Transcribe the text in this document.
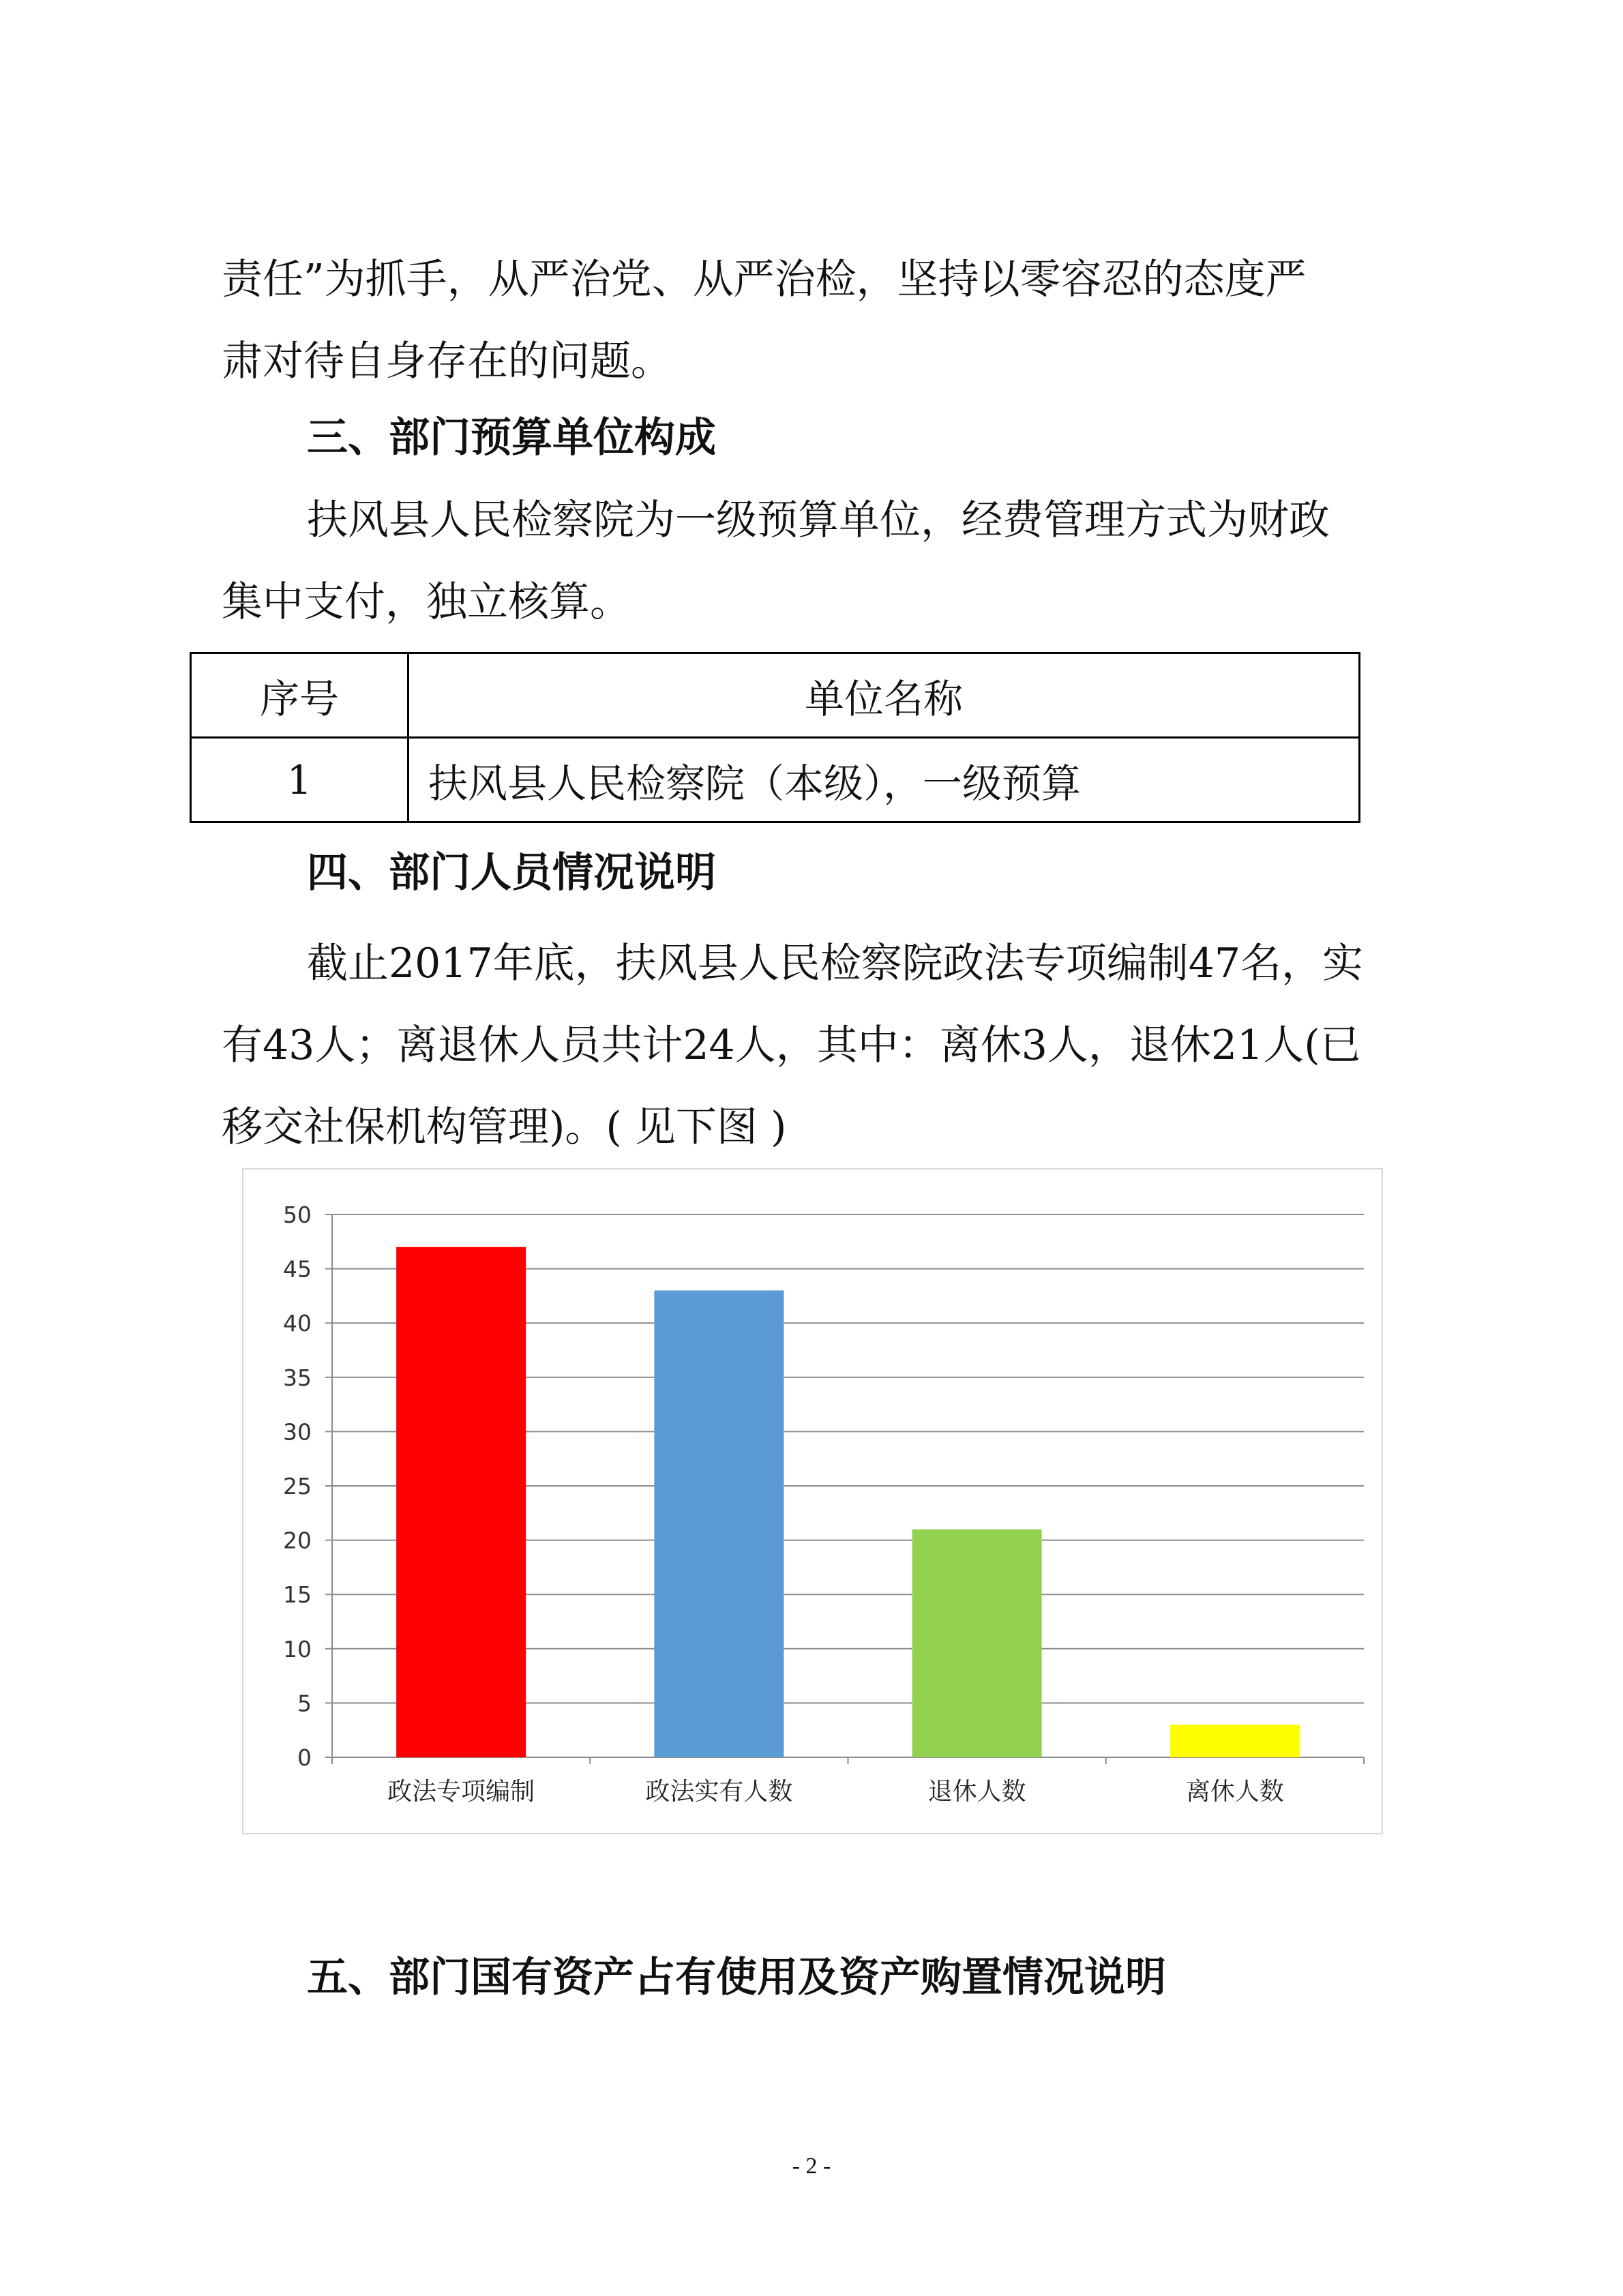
责任”为抓手，从严治党、从严治检，坚持以零容忍的态度严
肃对待自身存在的问题。
三、部门预算单位构成
扶风县人民检察院为一级预算单位，经费管理方式为财政
集中支付，独立核算。
序号	单位名称
1	扶风县人民检察院（本级），一级预算
四、部门人员情况说明
截止2017年底，扶风县人民检察院政法专项编制47名，实
有43人；离退休人员共计24人，其中：离休3人，退休21人(已
移交社保机构管理)。( 见下图 )
0
5
10
15
20
25
30
35
40
45
50
政法专项编制	政法实有人数	退休人数	离休人数
五、部门国有资产占有使用及资产购置情况说明
- 2 -
